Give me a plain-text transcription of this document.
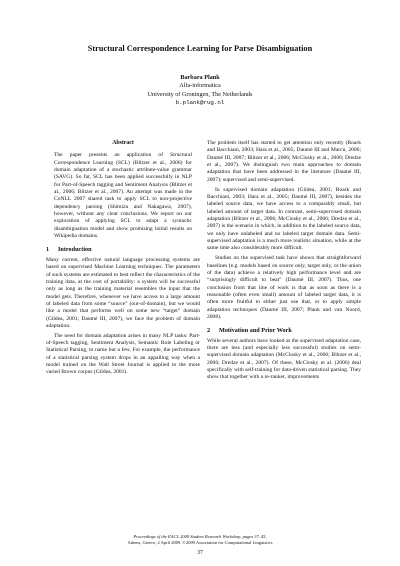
Structural Correspondence Learning for Parse Disambiguation
Barbara Plank
Alfa-informatica
University of Groningen, The Netherlands
b.plank@rug.nl
Abstract
The paper presents an application of Structural Correspondence Learning (SCL) (Blitzer et al., 2006) for domain adaptation of a stochastic attribute-value grammar (SAVG). So far, SCL has been applied successfully in NLP for Part-of-Speech tagging and Sentiment Analysis (Blitzer et al., 2006; Blitzer et al., 2007). An attempt was made in the CoNLL 2007 shared task to apply SCL to non-projective dependency parsing (Shimizu and Nakagawa, 2007), however, without any clear conclusions. We report on our exploration of applying SCL to adapt a syntactic disambiguation model and show promising initial results on Wikipedia domains.
1 Introduction

Many current, effective natural language processing systems are based on supervised Machine Learning techniques. The parameters of such systems are estimated to best reflect the characteristics of the training data, at the cost of portability: a system will be successful only as long as the training material resembles the input that the model gets. Therefore, whenever we have access to a large amount of labeled data from some “source” (out-of-domain), but we would like a model that performs well on some new “target” domain (Gildea, 2001; Daumé III, 2007), we face the problem of domain adaptation.

The need for domain adaptation arises in many NLP tasks: Part-of-Speech tagging, Sentiment Analysis, Semantic Role Labeling or Statistical Parsing, to name but a few. For example, the performance of a statistical parsing system drops in an appalling way when a model trained on the Wall Street Journal is applied to the more varied Brown corpus (Gildea, 2001).

The problem itself has started to get attention only recently (Roark and Bacchiani, 2003; Hara et al., 2005; Daumé III and Marcu, 2006; Daumé III, 2007; Blitzer et al., 2006; McClosky et al., 2006; Dredze et al., 2007). We distinguish two main approaches to domain adaptation that have been addressed in the literature (Daumé III, 2007): supervised and semi-supervised.

In supervised domain adaptation (Gildea, 2001; Roark and Bacchiani, 2003; Hara et al., 2005; Daumé III, 2007), besides the labeled source data, we have access to a comparably small, but labeled amount of target data. In contrast, semi-supervised domain adaptation (Blitzer et al., 2006; McClosky et al., 2006; Dredze et al., 2007) is the scenario in which, in addition to the labeled source data, we only have unlabeled and no labeled target domain data. Semi-supervised adaptation is a much more realistic situation, while at the same time also considerably more difficult.

Studies on the supervised task have shown that straightforward baselines (e.g. models based on source only, target only, or the union of the data) achieve a relatively high performance level and are “surprisingly difficult to beat” (Daumé III, 2007). Thus, one conclusion from that line of work is that as soon as there is a reasonable (often even small) amount of labeled target data, it is often more fruitful to either just use that, or to apply simple adaptation techniques (Daumé III, 2007; Plank and van Noord, 2008).

2 Motivation and Prior Work

While several authors have looked at the supervised adaptation case, there are less (and especially less successful) studies on semi-supervised domain adaptation (McClosky et al., 2006; Blitzer et al., 2006; Dredze et al., 2007). Of these, McClosky et al. (2006) deal specifically with self-training for data-driven statistical parsing. They show that together with a re-ranker, improvements

Proceedings of the EACL 2009 Student Research Workshop, pages 37–45,
Athens, Greece, 2 April 2009. ©2009 Association for Computational Linguistics
37
